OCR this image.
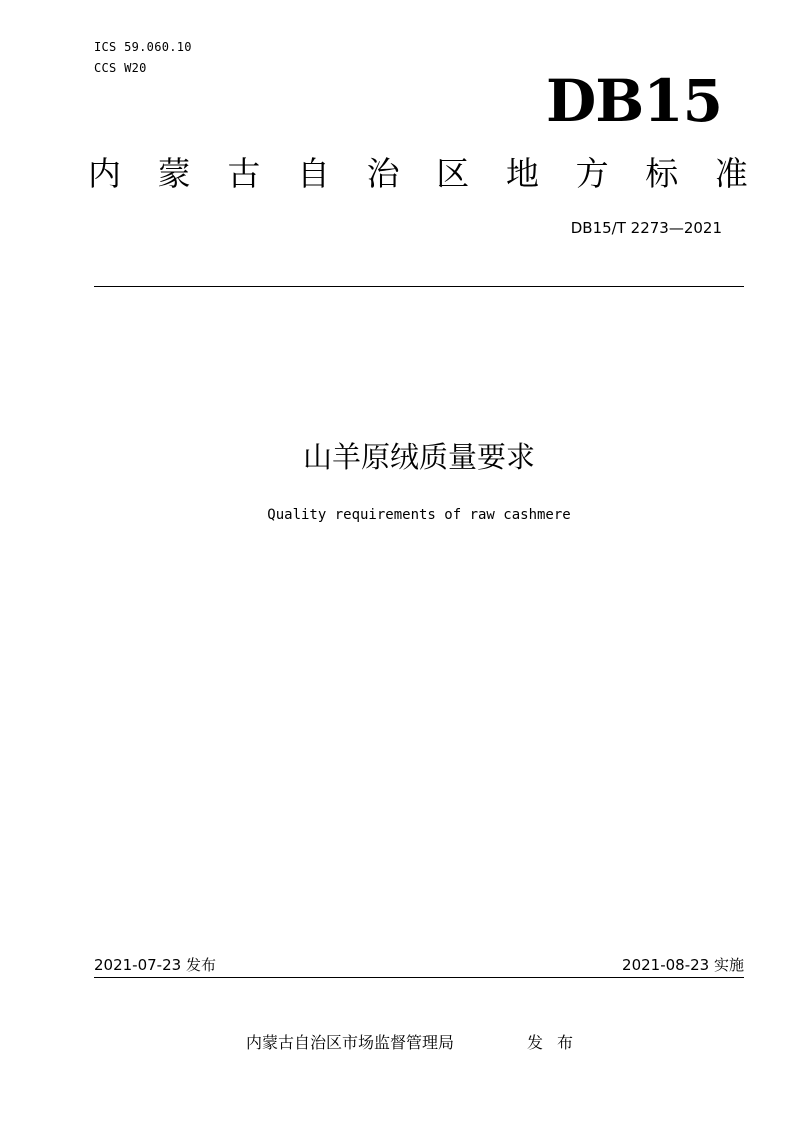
ICS 59.060.10
CCS W20	DB15
内 蒙 古 自 治 区 地 方 标 准
DB15/T 2273—2021
山羊原绒质量要求
Quality requirements of raw cashmere
2021-07-23 发布	2021-08-23 实施
内蒙古自治区市场监督管理局	发布
